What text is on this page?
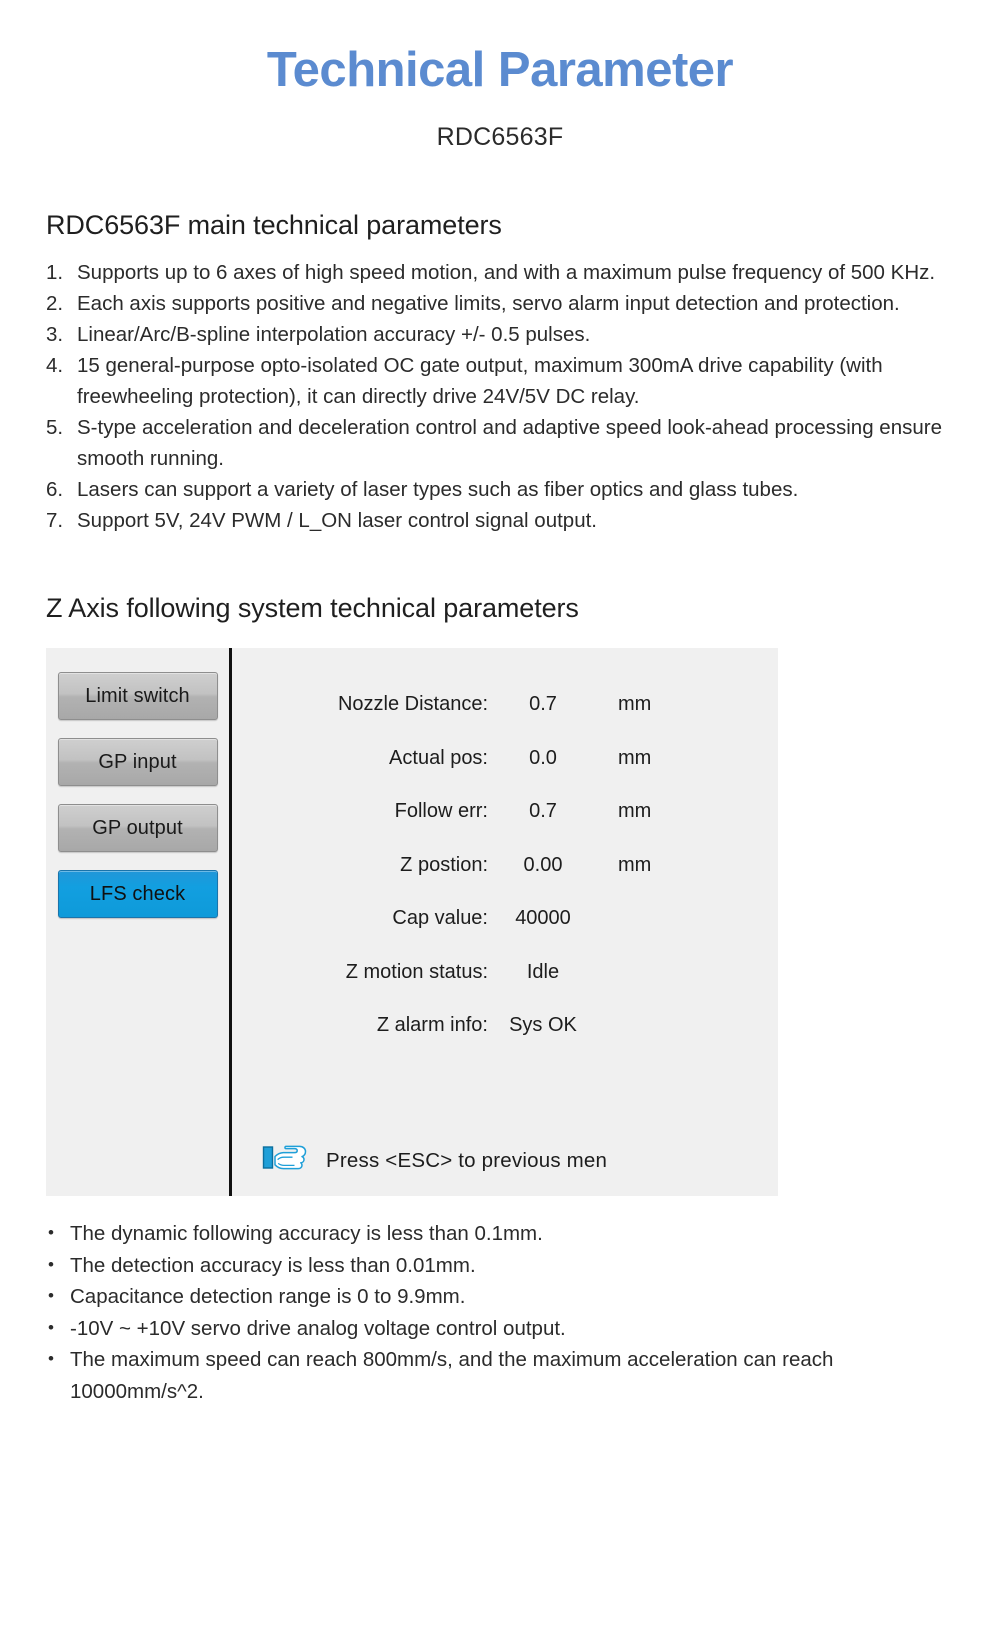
Technical Parameter
RDC6563F
RDC6563F main technical parameters
Supports up to 6 axes of high speed motion, and with a maximum pulse frequency of 500 KHz.
Each axis supports positive and negative limits, servo alarm input detection and protection.
Linear/Arc/B-spline interpolation accuracy +/- 0.5 pulses.
15 general-purpose opto-isolated OC gate output, maximum 300mA drive capability (with freewheeling protection), it can directly drive 24V/5V DC relay.
S-type acceleration and deceleration control and adaptive speed look-ahead processing ensure smooth running.
Lasers can support a variety of laser types such as fiber optics and glass tubes.
Support 5V, 24V PWM / L_ON laser control signal output.
Z Axis following system technical parameters
Limit switch
GP input
GP output
LFS check
Nozzle Distance:	0.7	mm
Actual pos:	0.0	mm
Follow err:	0.7	mm
Z postion:	0.00	mm
Cap value:	40000
Z motion status:	Idle
Z alarm info:	Sys OK
Press <ESC> to previous men
• The dynamic following accuracy is less than 0.1mm.
• The detection accuracy is less than 0.01mm.
• Capacitance detection range is 0 to 9.9mm.
• -10V ~ +10V servo drive analog voltage control output.
• The maximum speed can reach 800mm/s, and the maximum acceleration can reach 10000mm/s^2.
